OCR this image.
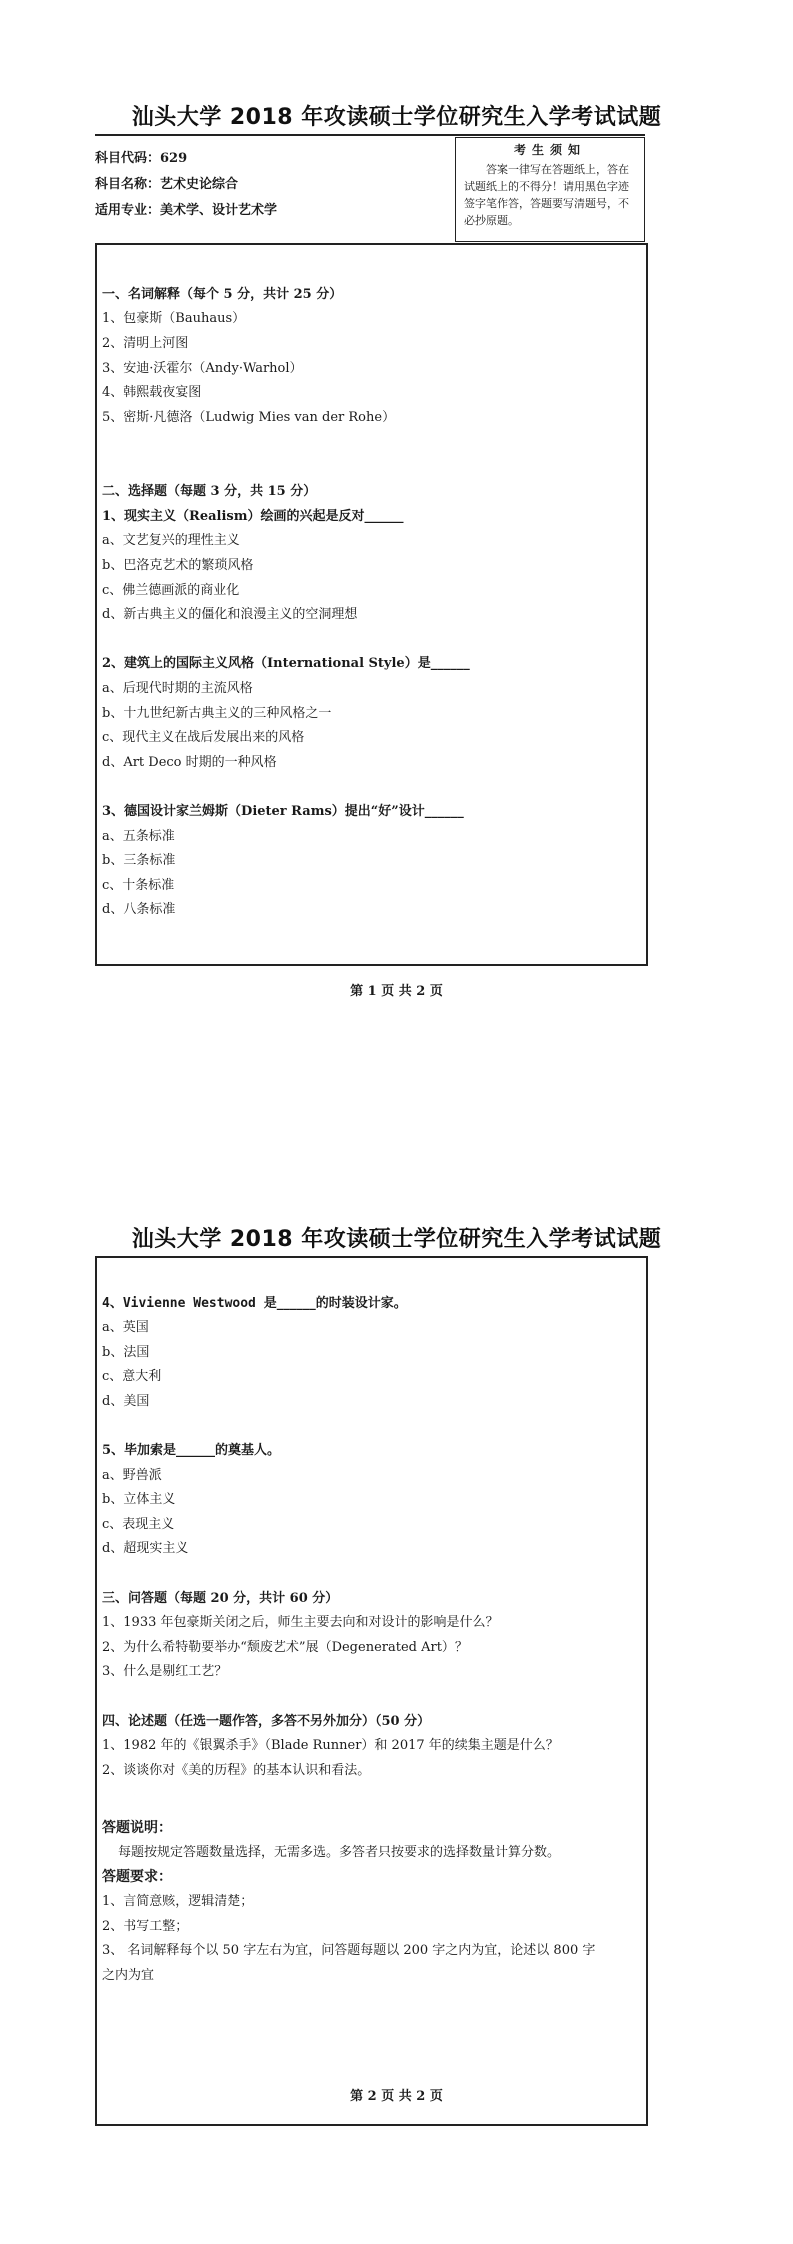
汕头大学 2018 年攻读硕士学位研究生入学考试试题
科目代码：629
科目名称：艺术史论综合
适用专业：美术学、设计艺术学
考生须知
答案一律写在答题纸上，答在试题纸上的不得分！请用黑色字迹签字笔作答，答题要写清题号，不必抄原题。
一、名词解释（每个 5 分，共计 25 分）
1、包豪斯（Bauhaus）
2、清明上河图
3、安迪·沃霍尔（Andy·Warhol）
4、韩熙载夜宴图
5、密斯·凡德洛（Ludwig Mies van der Rohe）
二、选择题（每题 3 分，共 15 分）
1、现实主义（Realism）绘画的兴起是反对______
a、文艺复兴的理性主义
b、巴洛克艺术的繁琐风格
c、佛兰德画派的商业化
d、新古典主义的僵化和浪漫主义的空洞理想
2、建筑上的国际主义风格（International Style）是______
a、后现代时期的主流风格
b、十九世纪新古典主义的三种风格之一
c、现代主义在战后发展出来的风格
d、Art Deco 时期的一种风格
3、德国设计家兰姆斯（Dieter Rams）提出“好”设计______
a、五条标准
b、三条标准
c、十条标准
d、八条标准
第 1 页 共 2 页
汕头大学 2018 年攻读硕士学位研究生入学考试试题
4、Vivienne Westwood 是______的时装设计家。
a、英国
b、法国
c、意大利
d、美国
5、毕加索是______的奠基人。
a、野兽派
b、立体主义
c、表现主义
d、超现实主义
三、问答题（每题 20 分，共计 60 分）
1、1933 年包豪斯关闭之后，师生主要去向和对设计的影响是什么？
2、为什么希特勒要举办“颓废艺术”展（Degenerated Art）？
3、什么是剔红工艺？
四、论述题（任选一题作答，多答不另外加分）（50 分）
1、1982 年的《银翼杀手》（Blade Runner）和 2017 年的续集主题是什么？
2、谈谈你对《美的历程》的基本认识和看法。
答题说明：
每题按规定答题数量选择，无需多选。多答者只按要求的选择数量计算分数。
答题要求：
1、言简意赅，逻辑清楚；
2、书写工整；
3、 名词解释每个以 50 字左右为宜，问答题每题以 200 字之内为宜，论述以 800 字
之内为宜
第 2 页 共 2 页
